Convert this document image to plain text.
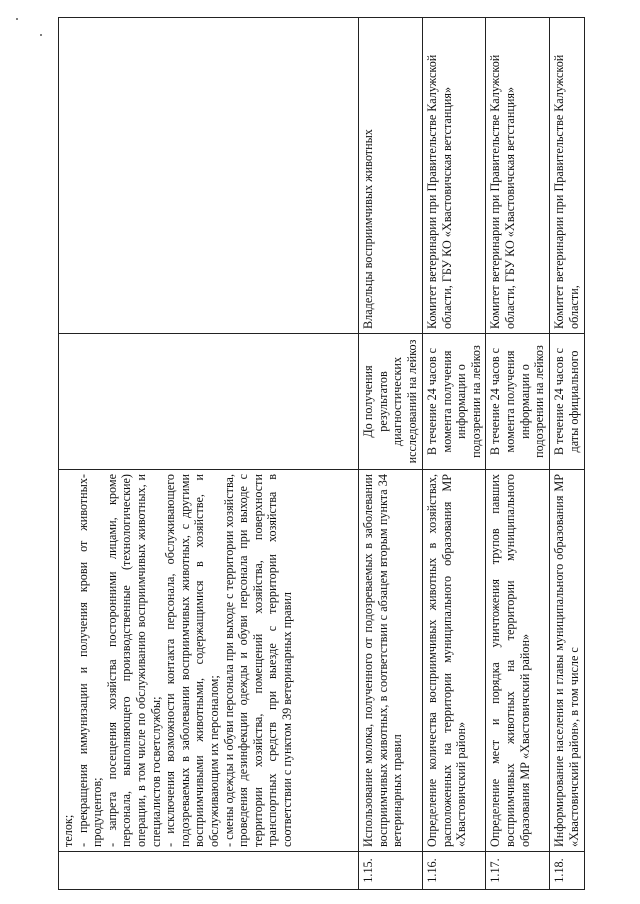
	телок; - прекращения иммунизации и получения крови от животных-продуцентов; - запрета посещения хозяйства посторонними лицами, кроме персонала, выполняющего производственные (технологические) операции, в том числе по обслуживанию восприимчивых животных, и специалистов госветслужбы; - исключения возможности контакта персонала, обслуживающего подозреваемых в заболевании восприимчивых животных, с другими восприимчивыми животными, содержащимися в хозяйстве, и обслуживающим их персоналом; - смены одежды и обуви персонала при выходе с территории хозяйства, проведения дезинфекции одежды и обуви персонала при выходе с территории хозяйства, помещений хозяйства, поверхности транспортных средств при выезде с территории хозяйства в соответствии с пунктом 39 ветеринарных правил		

1.15.	Использование молока, полученного от подозреваемых в заболевании восприимчивых животных, в соответствии с абзацем вторым пункта 34 ветеринарных правил	До получения результатов диагностических исследований на лейкоз	Владельцы восприимчивых животных
1.16.	Определение количества восприимчивых животных в хозяйствах, расположенных на территории муниципального образования МР «Хвастовичский район»	В течение 24 часов с момента получения информации о подозрении на лейкоз	Комитет ветеринарии при Правительстве Калужской области, ГБУ КО «Хвастовичская ветстанция»
1.17.	Определение мест и порядка уничтожения трупов павших восприимчивых животных на территории муниципального образования МР «Хвастовичский район»	В течение 24 часов с момента получения информации о подозрении на лейкоз	Комитет ветеринарии при Правительстве Калужской области, ГБУ КО «Хвастовичская ветстанция»
1.18.	Информирование населения и главы муниципального образования МР «Хвастовичский район», в том числе с	В течение 24 часов с даты официального	Комитет ветеринарии при Правительстве Калужской области,
